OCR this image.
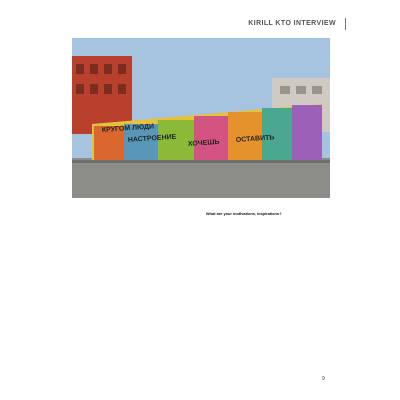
KIRILL KTO INTERVIEW
КРУГОМ ЛЮДИ
НАСТРОЕНИЕ ХОЧЕШЬ ОСТАВИТЬ

What are your motivations, inspirations?

9
